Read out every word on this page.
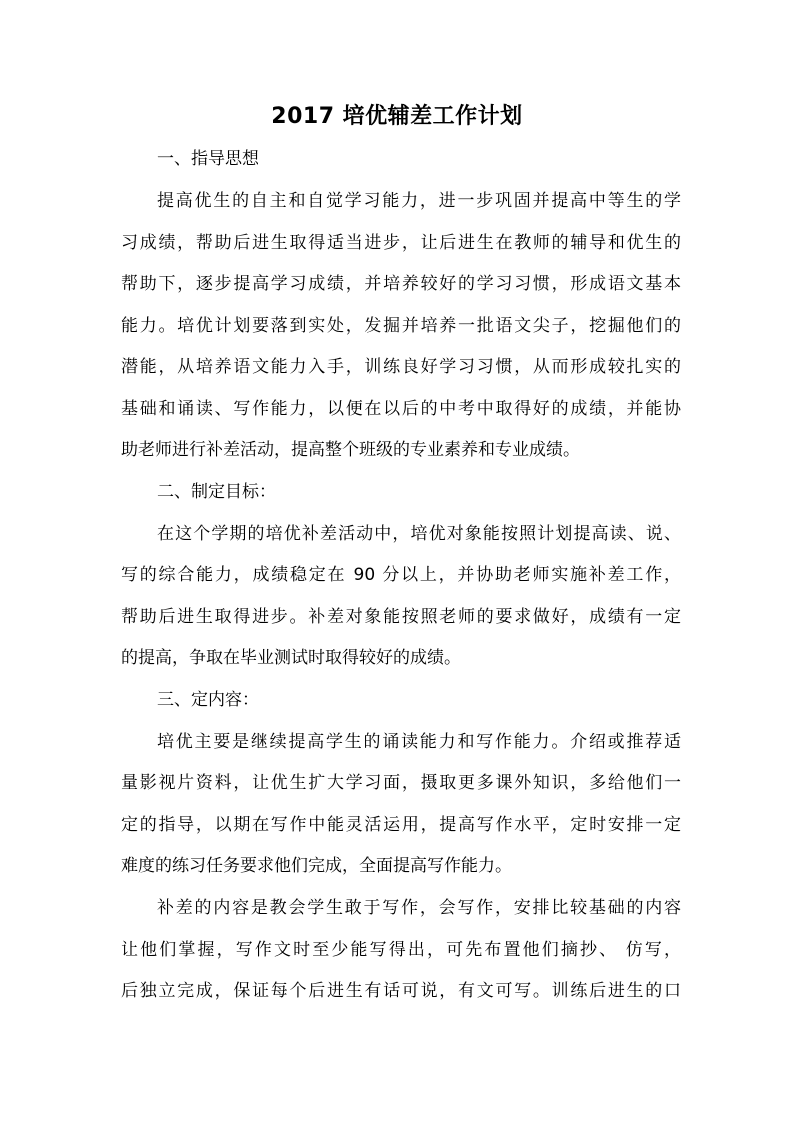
2017 培优辅差工作计划
一、指导思想
提高优生的自主和自觉学习能力，进一步巩固并提高中等生的学
习成绩，帮助后进生取得适当进步，让后进生在教师的辅导和优生的
帮助下，逐步提高学习成绩，并培养较好的学习习惯，形成语文基本
能力。培优计划要落到实处，发掘并培养一批语文尖子，挖掘他们的
潜能，从培养语文能力入手，训练良好学习习惯，从而形成较扎实的
基础和诵读、写作能力，以便在以后的中考中取得好的成绩，并能协
助老师进行补差活动，提高整个班级的专业素养和专业成绩。
二、制定目标：
在这个学期的培优补差活动中，培优对象能按照计划提高读、说、
写的综合能力，成绩稳定在 90 分以上，并协助老师实施补差工作，
帮助后进生取得进步。补差对象能按照老师的要求做好，成绩有一定
的提高，争取在毕业测试时取得较好的成绩。
三、定内容：
培优主要是继续提高学生的诵读能力和写作能力。介绍或推荐适
量影视片资料，让优生扩大学习面，摄取更多课外知识，多给他们一
定的指导，以期在写作中能灵活运用，提高写作水平，定时安排一定
难度的练习任务要求他们完成，全面提高写作能力。
补差的内容是教会学生敢于写作，会写作，安排比较基础的内容
让他们掌握，写作文时至少能写得出，可先布置他们摘抄、 仿写，
后独立完成，保证每个后进生有话可说，有文可写。训练后进生的口
